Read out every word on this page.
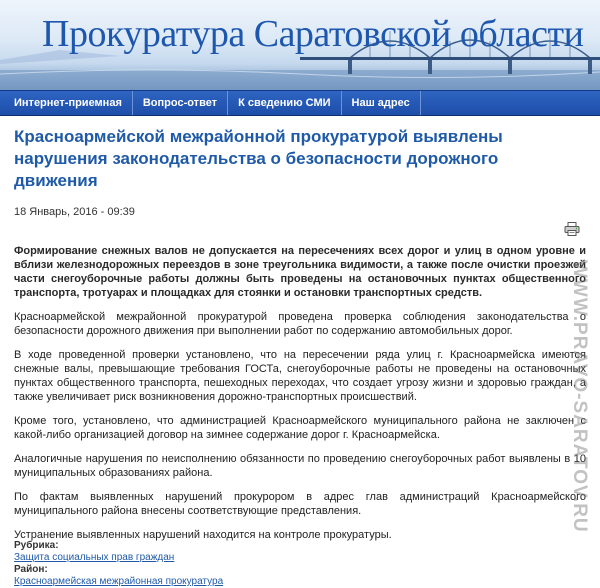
Прокуратура Саратовской области
Интернет-приемная	Вопрос-ответ	К сведению СМИ	Наш адрес
Красноармейской межрайонной прокуратурой выявлены нарушения законодательства о безопасности дорожного движения
18 Январь, 2016 - 09:39

Формирование снежных валов не допускается на пересечениях всех дорог и улиц в одном уровне и вблизи железнодорожных переездов в зоне треугольника видимости, а также после очистки проезжей части снегоуборочные работы должны быть проведены на остановочных пунктах общественного транспорта, тротуарах и площадках для стоянки и остановки транспортных средств.

Красноармейской межрайонной прокуратурой проведена проверка соблюдения законодательства о безопасности дорожного движения при выполнении работ по содержанию автомобильных дорог.

В ходе проведенной проверки установлено, что на пересечении ряда улиц г. Красноармейска имеются снежные валы, превышающие требования ГОСТа, снегоуборочные работы не проведены на остановочных пунктах общественного транспорта, пешеходных переходах, что создает угрозу жизни и здоровью граждан, а также увеличивает риск возникновения дорожно-транспортных происшествий.

Кроме того, установлено, что администрацией Красноармейского муниципального района не заключен с какой-либо организацией договор на зимнее содержание дорог г. Красноармейска.

Аналогичные нарушения по неисполнению обязанности по проведению снегоуборочных работ выявлены в 10 муниципальных образованиях района.

По фактам выявленных нарушений прокурором в адрес глав администраций Красноармейского муниципального района внесены соответствующие представления.

Устранение выявленных нарушений находится на контроле прокуратуры.

Рубрика:
Защита социальных прав граждан
Район:
Красноармейская межрайонная прокуратура
WWW.PRAVO-SARATOV.RU
